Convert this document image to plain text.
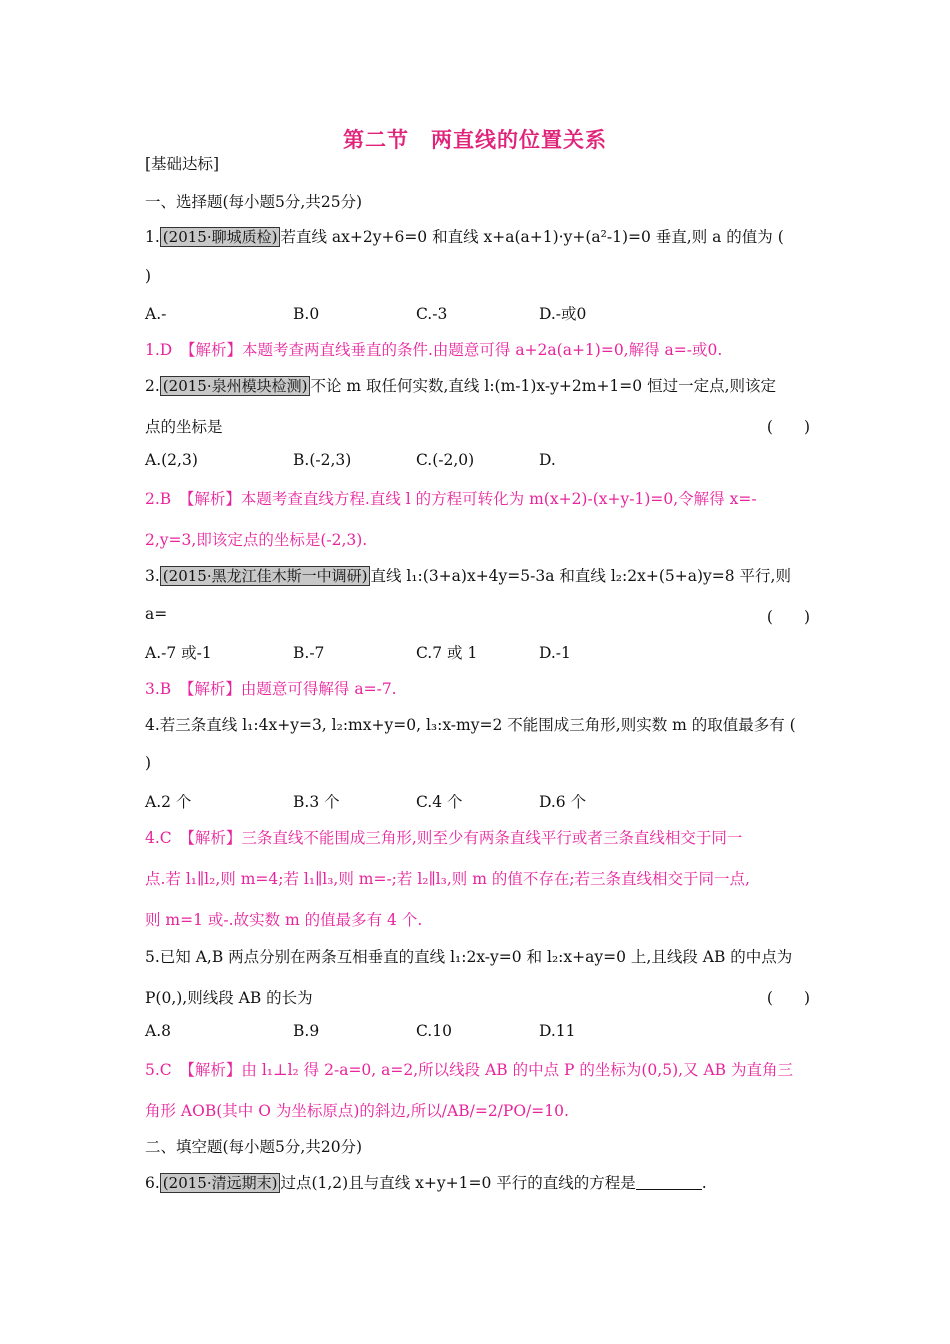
第二节　两直线的位置关系
[基础达标]
一、选择题(每小题5分,共25分)
1. (2015·聊城质检) 若直线 ax+2y+6=0 和直线 x+a(a+1)·y+(a²-1)=0 垂直,则 a 的值为 (
)
A.-	B.0	C.-3	D.-或0
1.D　【解析】本题考查两直线垂直的条件.由题意可得 a+2a(a+1)=0,解得 a=-或0.
2. (2015·泉州模块检测) 不论 m 取任何实数,直线 l:(m-1)x-y+2m+1=0 恒过一定点,则该定
点的坐标是	(　　)
A.(2,3)	B.(-2,3)	C.(-2,0)	D.
2.B　【解析】本题考查直线方程.直线 l 的方程可转化为 m(x+2)-(x+y-1)=0,令解得 x=-
2,y=3,即该定点的坐标是(-2,3).
3. (2015·黑龙江佳木斯一中调研) 直线 l₁:(3+a)x+4y=5-3a 和直线 l₂:2x+(5+a)y=8 平行,则
a=	(　　)
A.-7 或-1	B.-7	C.7 或 1	D.-1
3.B　【解析】由题意可得解得 a=-7.
4.若三条直线 l₁:4x+y=3, l₂:mx+y=0, l₃:x-my=2 不能围成三角形,则实数 m 的取值最多有 (
)
A.2 个	B.3 个	C.4 个	D.6 个
4.C　【解析】三条直线不能围成三角形,则至少有两条直线平行或者三条直线相交于同一
点.若 l₁∥l₂,则 m=4;若 l₁∥l₃,则 m=-;若 l₂∥l₃,则 m 的值不存在;若三条直线相交于同一点,
则 m=1 或-.故实数 m 的值最多有 4 个.
5.已知 A,B 两点分别在两条互相垂直的直线 l₁:2x-y=0 和 l₂:x+ay=0 上,且线段 AB 的中点为
P(0,),则线段 AB 的长为	(　　)
A.8	B.9	C.10	D.11
5.C　【解析】由 l₁⊥l₂ 得 2-a=0, a=2,所以线段 AB 的中点 P 的坐标为(0,5),又 AB 为直角三
角形 AOB(其中 O 为坐标原点)的斜边,所以/AB/=2/PO/=10.
二、填空题(每小题5分,共20分)
6. (2015·清远期末) 过点(1,2)且与直线 x+y+1=0 平行的直线的方程是	.
